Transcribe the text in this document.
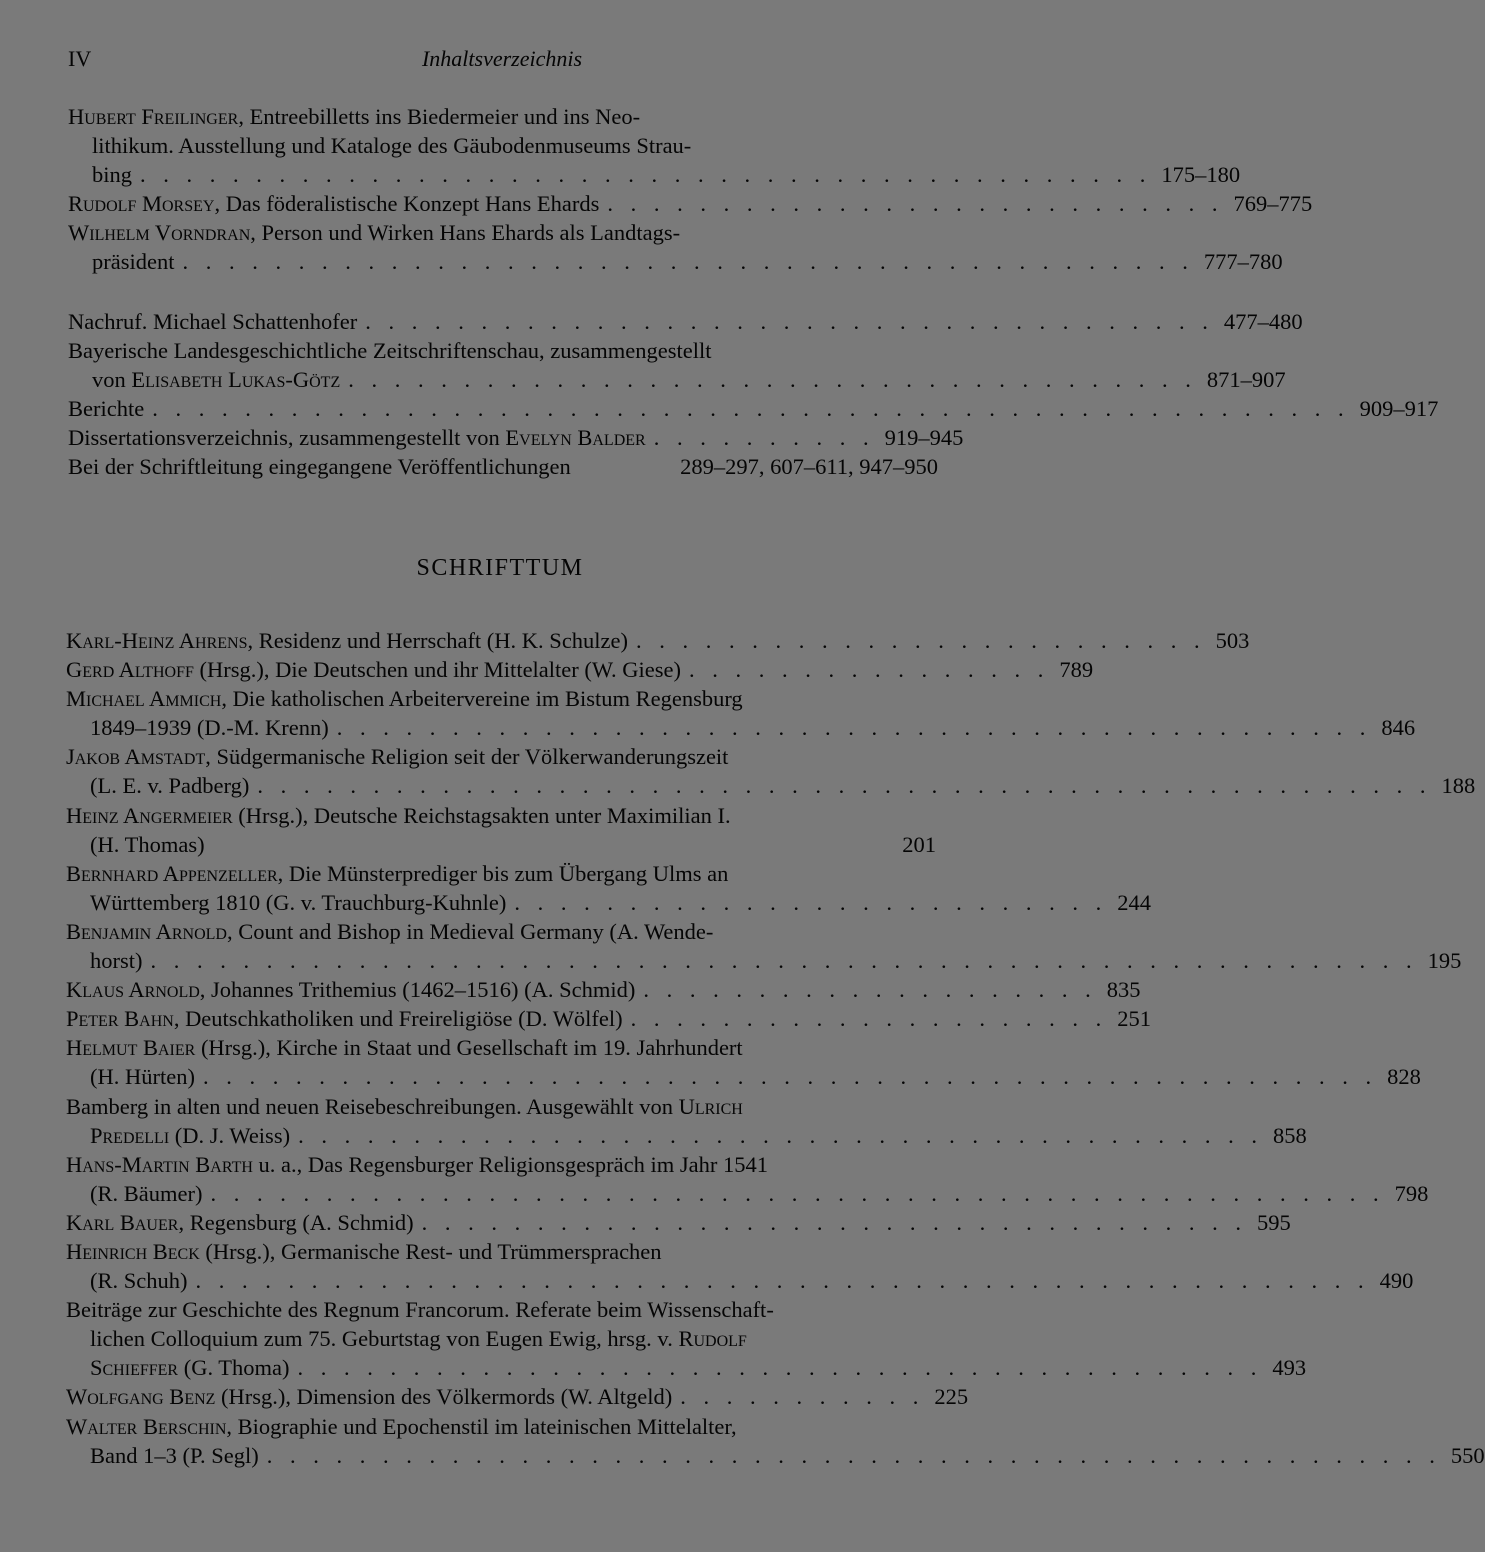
IV	Inhaltsverzeichnis
Hubert Freilinger, Entreebilletts ins Biedermeier und ins Neo-
lithikum. Ausstellung und Kataloge des Gäubodenmuseums Strau-
bing . . . . . . . . . . . . . . . . . . . . . . . . . . . . . . . . . . . . . . . . . . . . 175–180
Rudolf Morsey, Das föderalistische Konzept Hans Ehards . . . . . . . . . . . . . . . . . . . . . . . . . . . 769–775
Wilhelm Vorndran, Person und Wirken Hans Ehards als Landtags-
präsident . . . . . . . . . . . . . . . . . . . . . . . . . . . . . . . . . . . . . . . . . . . . 777–780
Nachruf. Michael Schattenhofer . . . . . . . . . . . . . . . . . . . . . . . . . . . . . . . . . . . . . 477–480
Bayerische Landesgeschichtliche Zeitschriftenschau, zusammengestellt
von Elisabeth Lukas-Götz . . . . . . . . . . . . . . . . . . . . . . . . . . . . . . . . . . . . . 871–907
Berichte . . . . . . . . . . . . . . . . . . . . . . . . . . . . . . . . . . . . . . . . . . . . . . . . . . . . 909–917
Dissertationsverzeichnis, zusammengestellt von Evelyn Balder . . . . . . . . . . 919–945
Bei der Schriftleitung eingegangene Veröffentlichungen	289–297, 607–611, 947–950
SCHRIFTTUM
Karl-Heinz Ahrens, Residenz und Herrschaft (H. K. Schulze) . . . . . . . . . . . . . . . . . . . . . . . . . 503
Gerd Althoff (Hrsg.), Die Deutschen und ihr Mittelalter (W. Giese) . . . . . . . . . . . . . . . . 789
Michael Ammich, Die katholischen Arbeitervereine im Bistum Regensburg
1849–1939 (D.-M. Krenn) . . . . . . . . . . . . . . . . . . . . . . . . . . . . . . . . . . . . . . . . . . . . . 846
Jakob Amstadt, Südgermanische Religion seit der Völkerwanderungszeit
(L. E. v. Padberg) . . . . . . . . . . . . . . . . . . . . . . . . . . . . . . . . . . . . . . . . . . . . . . . . . . . 188
Heinz Angermeier (Hrsg.), Deutsche Reichstagsakten unter Maximilian I.
(H. Thomas)	201
Bernhard Appenzeller, Die Münsterprediger bis zum Übergang Ulms an
Württemberg 1810 (G. v. Trauchburg-Kuhnle) . . . . . . . . . . . . . . . . . . . . . . . . . . 244
Benjamin Arnold, Count and Bishop in Medieval Germany (A. Wende-
horst) . . . . . . . . . . . . . . . . . . . . . . . . . . . . . . . . . . . . . . . . . . . . . . . . . . . . . . . 195
Klaus Arnold, Johannes Trithemius (1462–1516) (A. Schmid) . . . . . . . . . . . . . . . . . . . . 835
Peter Bahn, Deutschkatholiken und Freireligiöse (D. Wölfel) . . . . . . . . . . . . . . . . . . . . . 251
Helmut Baier (Hrsg.), Kirche in Staat und Gesellschaft im 19. Jahrhundert
(H. Hürten) . . . . . . . . . . . . . . . . . . . . . . . . . . . . . . . . . . . . . . . . . . . . . . . . . . . 828
Bamberg in alten und neuen Reisebeschreibungen. Ausgewählt von Ulrich
Predelli (D. J. Weiss) . . . . . . . . . . . . . . . . . . . . . . . . . . . . . . . . . . . . . . . . . . 858
Hans-Martin Barth u. a., Das Regensburger Religionsgespräch im Jahr 1541
(R. Bäumer) . . . . . . . . . . . . . . . . . . . . . . . . . . . . . . . . . . . . . . . . . . . . . . . . . . . 798
Karl Bauer, Regensburg (A. Schmid) . . . . . . . . . . . . . . . . . . . . . . . . . . . . . . . . . . . . 595
Heinrich Beck (Hrsg.), Germanische Rest- und Trümmersprachen
(R. Schuh) . . . . . . . . . . . . . . . . . . . . . . . . . . . . . . . . . . . . . . . . . . . . . . . . . . . 490
Beiträge zur Geschichte des Regnum Francorum. Referate beim Wissenschaft-
lichen Colloquium zum 75. Geburtstag von Eugen Ewig, hrsg. v. Rudolf
Schieffer (G. Thoma) . . . . . . . . . . . . . . . . . . . . . . . . . . . . . . . . . . . . . . . . . . 493
Wolfgang Benz (Hrsg.), Dimension des Völkermords (W. Altgeld) . . . . . . . . . . . 225
Walter Berschin, Biographie und Epochenstil im lateinischen Mittelalter,
Band 1–3 (P. Segl) . . . . . . . . . . . . . . . . . . . . . . . . . . . . . . . . . . . . . . . . . . . . . . . . . . . 550
